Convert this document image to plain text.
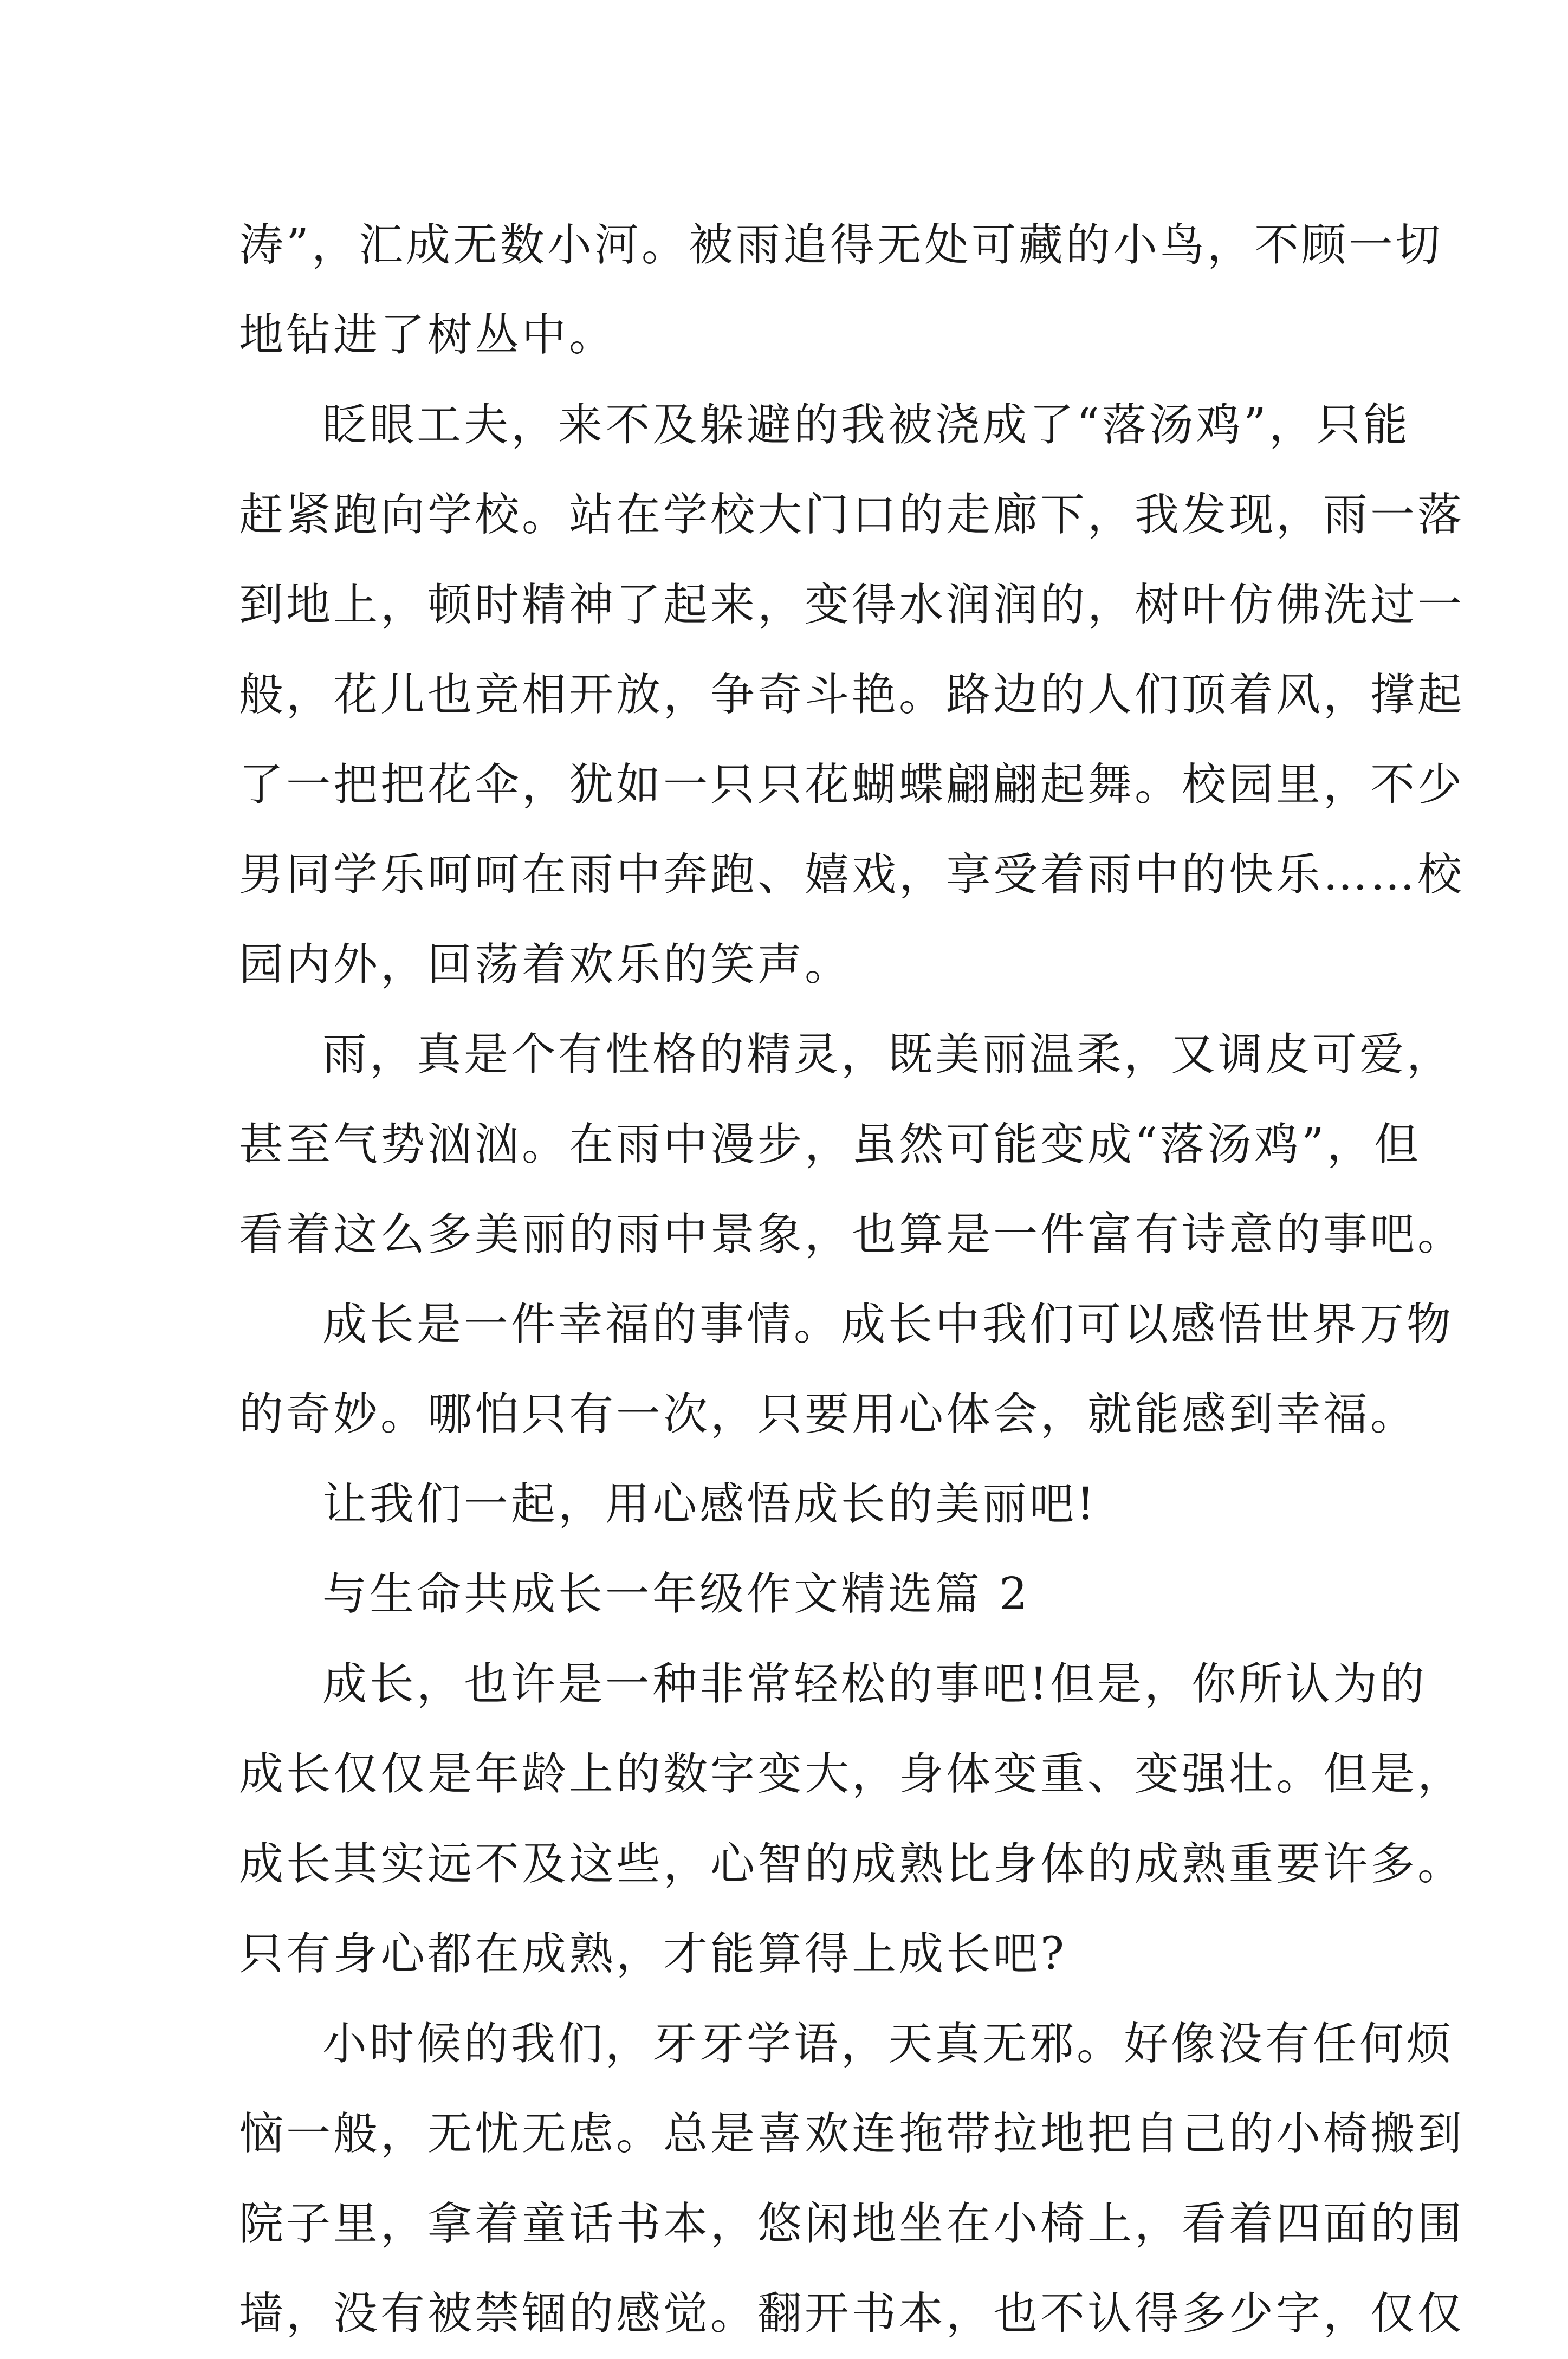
涛”，汇成无数小河。被雨追得无处可藏的小鸟，不顾一切
地钻进了树丛中。
眨眼工夫，来不及躲避的我被浇成了“落汤鸡”，只能
赶紧跑向学校。站在学校大门口的走廊下，我发现，雨一落
到地上，顿时精神了起来，变得水润润的，树叶仿佛洗过一
般，花儿也竞相开放，争奇斗艳。路边的人们顶着风，撑起
了一把把花伞，犹如一只只花蝴蝶翩翩起舞。校园里，不少
男同学乐呵呵在雨中奔跑、嬉戏，享受着雨中的快乐……校
园内外，回荡着欢乐的笑声。
雨，真是个有性格的精灵，既美丽温柔，又调皮可爱，
甚至气势汹汹。在雨中漫步，虽然可能变成“落汤鸡”，但
看着这么多美丽的雨中景象，也算是一件富有诗意的事吧。
成长是一件幸福的事情。成长中我们可以感悟世界万物
的奇妙。哪怕只有一次，只要用心体会，就能感到幸福。
让我们一起，用心感悟成长的美丽吧!
与生命共成长一年级作文精选篇 2
成长，也许是一种非常轻松的事吧!但是，你所认为的
成长仅仅是年龄上的数字变大，身体变重、变强壮。但是，
成长其实远不及这些，心智的成熟比身体的成熟重要许多。
只有身心都在成熟，才能算得上成长吧?
小时候的我们，牙牙学语，天真无邪。好像没有任何烦
恼一般，无忧无虑。总是喜欢连拖带拉地把自己的小椅搬到
院子里，拿着童话书本，悠闲地坐在小椅上，看着四面的围
墙，没有被禁锢的感觉。翻开书本，也不认得多少字，仅仅
